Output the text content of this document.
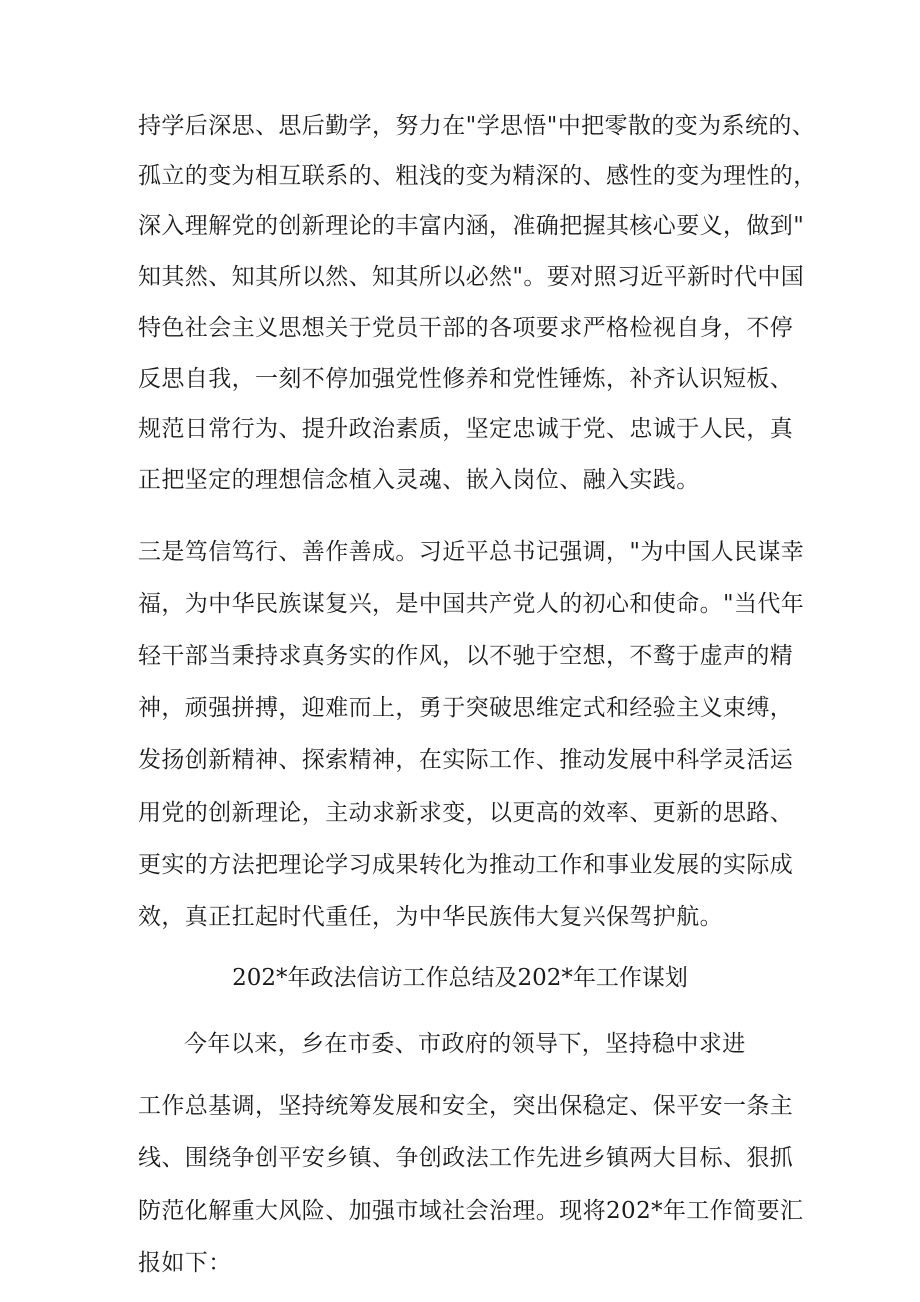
持学后深思、思后勤学，努力在"学思悟"中把零散的变为系统的、
孤立的变为相互联系的、粗浅的变为精深的、感性的变为理性的，
深入理解党的创新理论的丰富内涵，准确把握其核心要义，做到"
知其然、知其所以然、知其所以必然"。要对照习近平新时代中国
特色社会主义思想关于党员干部的各项要求严格检视自身，不停
反思自我，一刻不停加强党性修养和党性锤炼，补齐认识短板、
规范日常行为、提升政治素质，坚定忠诚于党、忠诚于人民，真
正把坚定的理想信念植入灵魂、嵌入岗位、融入实践。
三是笃信笃行、善作善成。习近平总书记强调，"为中国人民谋幸
福，为中华民族谋复兴，是中国共产党人的初心和使命。"当代年
轻干部当秉持求真务实的作风，以不驰于空想，不鹜于虚声的精
神，顽强拼搏，迎难而上，勇于突破思维定式和经验主义束缚，
发扬创新精神、探索精神，在实际工作、推动发展中科学灵活运
用党的创新理论，主动求新求变，以更高的效率、更新的思路、
更实的方法把理论学习成果转化为推动工作和事业发展的实际成
效，真正扛起时代重任，为中华民族伟大复兴保驾护航。
202*年政法信访工作总结及202*年工作谋划
今年以来，乡在市委、市政府的领导下，坚持稳中求进
工作总基调，坚持统筹发展和安全，突出保稳定、保平安一条主
线、围绕争创平安乡镇、争创政法工作先进乡镇两大目标、狠抓
防范化解重大风险、加强市域社会治理。现将202*年工作简要汇
报如下：
